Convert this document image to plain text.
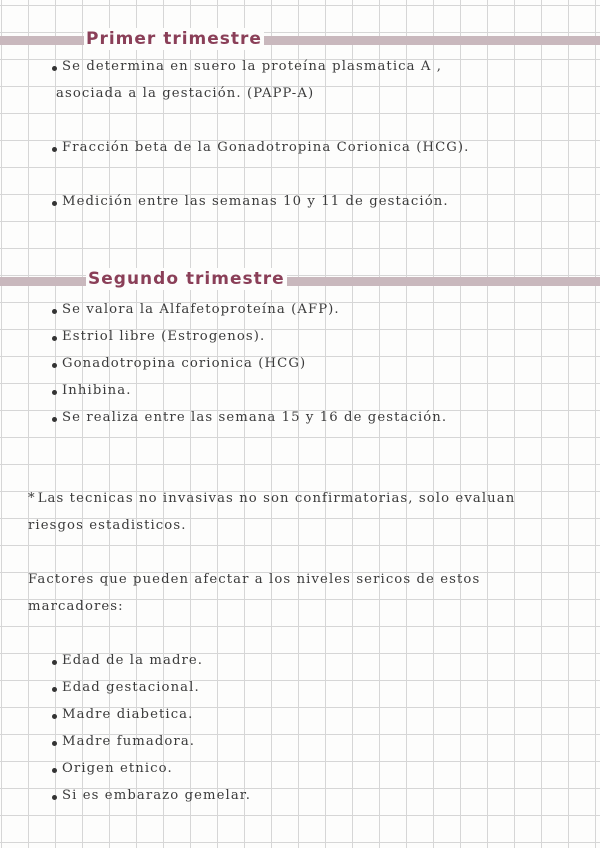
Primer trimestre
Se determina en suero la proteína plasmatica A ,
asociada a la gestación. (PAPP-A)
Fracción beta de la Gonadotropina Corionica (HCG).
Medición entre las semanas 10 y 11 de gestación.
Segundo trimestre
Se valora la Alfafetoproteína (AFP).
Estriol libre (Estrogenos).
Gonadotropina corionica (HCG)
Inhibina.
Se realiza entre las semana 15 y 16 de gestación.
* Las tecnicas no invasivas no son confirmatorias, solo evaluan
riesgos estadisticos.
Factores que pueden afectar a los niveles sericos de estos
marcadores:
Edad de la madre.
Edad gestacional.
Madre diabetica.
Madre fumadora.
Origen etnico.
Si es embarazo gemelar.
